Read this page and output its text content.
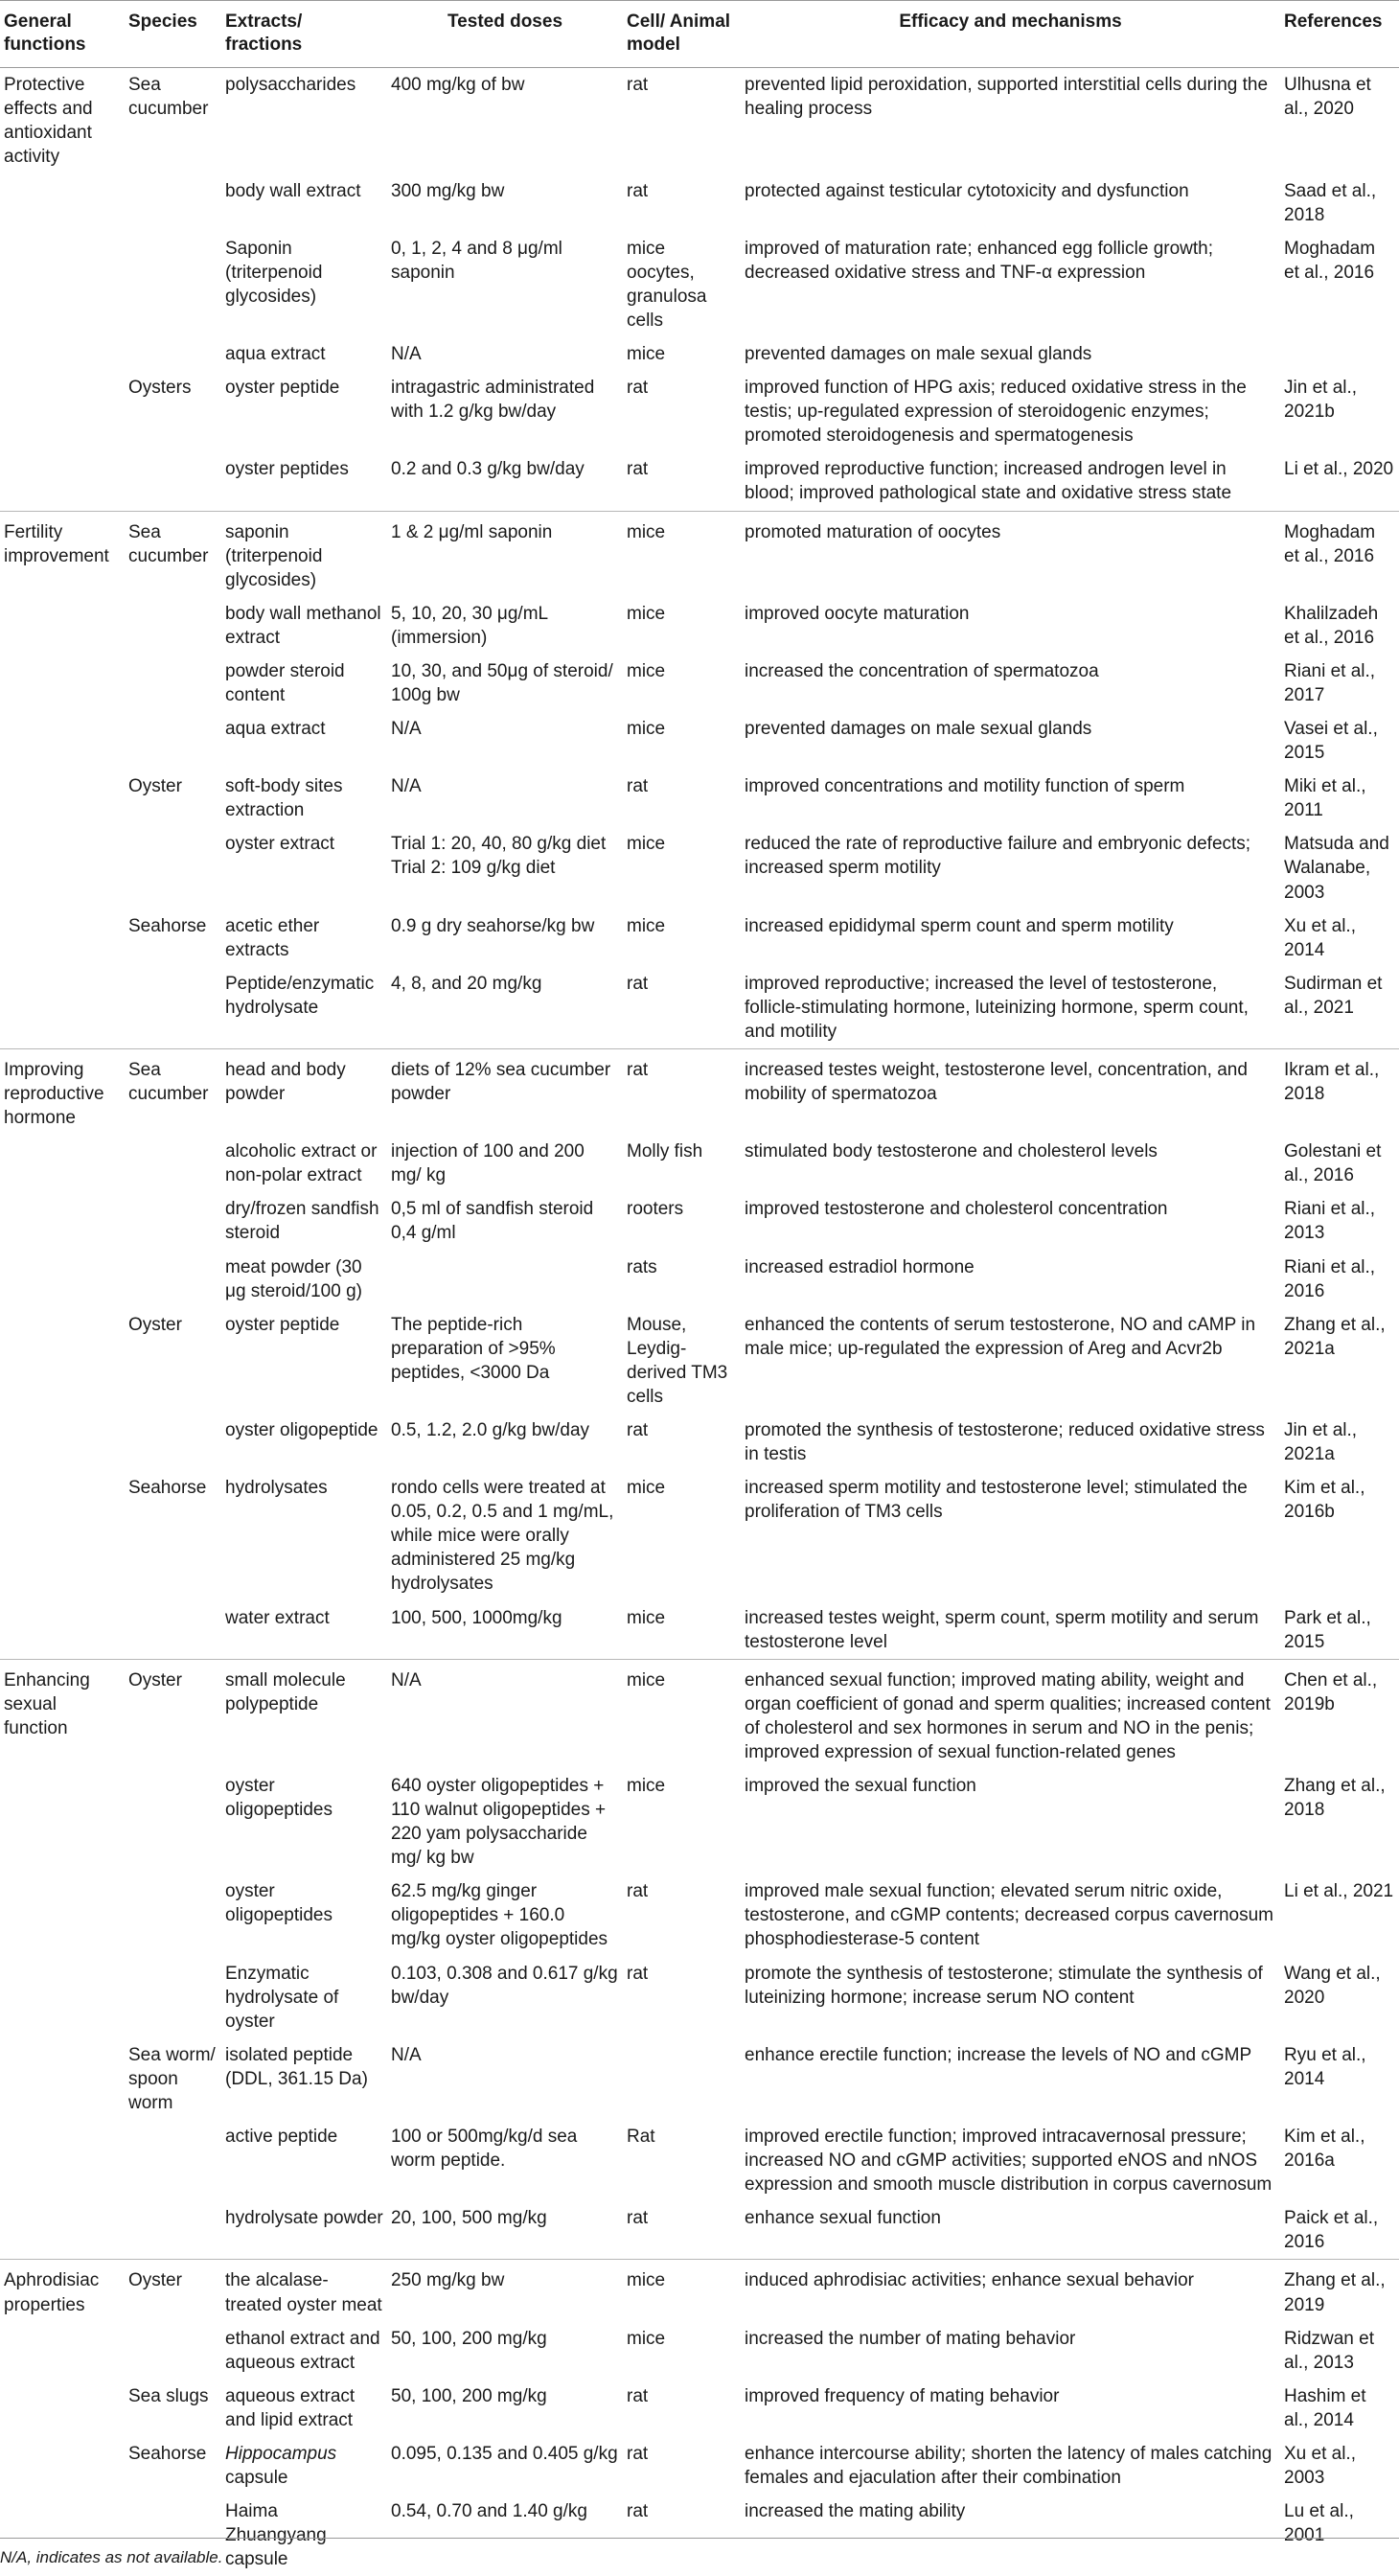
General functions	Species	Extracts/ fractions	Tested doses	Cell/ Animal model	Efficacy and mechanisms	References
Protective effects and antioxidant activity	Sea cucumber	polysaccharides	400 mg/kg of bw	rat	prevented lipid peroxidation, supported interstitial cells during the healing process	Ulhusna et al., 2020
		body wall extract	300 mg/kg bw	rat	protected against testicular cytotoxicity and dysfunction	Saad et al., 2018
		Saponin (triterpenoid glycosides)	0, 1, 2, 4 and 8 μg/ml saponin	mice oocytes, granulosa cells	improved of maturation rate; enhanced egg follicle growth; decreased oxidative stress and TNF-α expression	Moghadam et al., 2016
		aqua extract	N/A	mice	prevented damages on male sexual glands	
	Oysters	oyster peptide	intragastric administrated with 1.2 g/kg bw/day	rat	improved function of HPG axis; reduced oxidative stress in the testis; up-regulated expression of steroidogenic enzymes; promoted steroidogenesis and spermatogenesis	Jin et al., 2021b
		oyster peptides	0.2 and 0.3 g/kg bw/day	rat	improved reproductive function; increased androgen level in blood; improved pathological state and oxidative stress state	Li et al., 2020
Fertility improvement	Sea cucumber	saponin (triterpenoid glycosides)	1 & 2 μg/ml saponin	mice	promoted maturation of oocytes	Moghadam et al., 2016
		body wall methanol extract	5, 10, 20, 30 μg/mL (immersion)	mice	improved oocyte maturation	Khalilzadeh et al., 2016
		powder steroid content	10, 30, and 50μg of steroid/ 100g bw	mice	increased the concentration of spermatozoa	Riani et al., 2017
		aqua extract	N/A	mice	prevented damages on male sexual glands	Vasei et al., 2015
	Oyster	soft-body sites extraction	N/A	rat	improved concentrations and motility function of sperm	Miki et al., 2011
		oyster extract	Trial 1: 20, 40, 80 g/kg diet
Trial 2: 109 g/kg diet	mice	reduced the rate of reproductive failure and embryonic defects; increased sperm motility	Matsuda and Walanabe, 2003
	Seahorse	acetic ether extracts	0.9 g dry seahorse/kg bw	mice	increased epididymal sperm count and sperm motility	Xu et al., 2014
		Peptide/enzymatic hydrolysate	4, 8, and 20 mg/kg	rat	improved reproductive; increased the level of testosterone, follicle-stimulating hormone, luteinizing hormone, sperm count, and motility	Sudirman et al., 2021
Improving reproductive hormone	Sea cucumber	head and body powder	diets of 12% sea cucumber powder	rat	increased testes weight, testosterone level, concentration, and mobility of spermatozoa	Ikram et al., 2018
		alcoholic extract or non-polar extract	injection of 100 and 200 mg/ kg	Molly fish	stimulated body testosterone and cholesterol levels	Golestani et al., 2016
		dry/frozen sandfish steroid	0,5 ml of sandfish steroid 0,4 g/ml	rooters	improved testosterone and cholesterol concentration	Riani et al., 2013
		meat powder (30 μg steroid/100 g)		rats	increased estradiol hormone	Riani et al., 2016
	Oyster	oyster peptide	The peptide-rich preparation of >95% peptides, <3000 Da	Mouse, Leydig-derived TM3 cells	enhanced the contents of serum testosterone, NO and cAMP in male mice; up-regulated the expression of Areg and Acvr2b	Zhang et al., 2021a
		oyster oligopeptide	0.5, 1.2, 2.0 g/kg bw/day	rat	promoted the synthesis of testosterone; reduced oxidative stress in testis	Jin et al., 2021a
	Seahorse	hydrolysates	rondo cells were treated at 0.05, 0.2, 0.5 and 1 mg/mL, while mice were orally administered 25 mg/kg hydrolysates	mice	increased sperm motility and testosterone level; stimulated the proliferation of TM3 cells	Kim et al., 2016b
		water extract	100, 500, 1000mg/kg	mice	increased testes weight, sperm count, sperm motility and serum testosterone level	Park et al., 2015
Enhancing sexual function	Oyster	small molecule polypeptide	N/A	mice	enhanced sexual function; improved mating ability, weight and organ coefficient of gonad and sperm qualities; increased content of cholesterol and sex hormones in serum and NO in the penis; improved expression of sexual function-related genes	Chen et al., 2019b
		oyster oligopeptides	640 oyster oligopeptides + 110 walnut oligopeptides + 220 yam polysaccharide mg/ kg bw	mice	improved the sexual function	Zhang et al., 2018
		oyster oligopeptides	62.5 mg/kg ginger oligopeptides + 160.0 mg/kg oyster oligopeptides	rat	improved male sexual function; elevated serum nitric oxide, testosterone, and cGMP contents; decreased corpus cavernosum phosphodiesterase-5 content	Li et al., 2021
		Enzymatic hydrolysate of oyster	0.103, 0.308 and 0.617 g/kg bw/day	rat	promote the synthesis of testosterone; stimulate the synthesis of luteinizing hormone; increase serum NO content	Wang et al., 2020
	Sea worm/ spoon worm	isolated peptide (DDL, 361.15 Da)	N/A		enhance erectile function; increase the levels of NO and cGMP	Ryu et al., 2014
		active peptide	100 or 500mg/kg/d sea worm peptide.	Rat	improved erectile function; improved intracavernosal pressure; increased NO and cGMP activities; supported eNOS and nNOS expression and smooth muscle distribution in corpus cavernosum	Kim et al., 2016a
		hydrolysate powder	20, 100, 500 mg/kg	rat	enhance sexual function	Paick et al., 2016
Aphrodisiac properties	Oyster	the alcalase-treated oyster meat	250 mg/kg bw	mice	induced aphrodisiac activities; enhance sexual behavior	Zhang et al., 2019
		ethanol extract and aqueous extract	50, 100, 200 mg/kg	mice	increased the number of mating behavior	Ridzwan et al., 2013
	Sea slugs	aqueous extract and lipid extract	50, 100, 200 mg/kg	rat	improved frequency of mating behavior	Hashim et al., 2014
	Seahorse	Hippocampus capsule	0.095, 0.135 and 0.405 g/kg	rat	enhance intercourse ability; shorten the latency of males catching females and ejaculation after their combination	Xu et al., 2003
		Haima Zhuangyang capsule	0.54, 0.70 and 1.40 g/kg	rat	increased the mating ability	Lu et al., 2001
N/A, indicates as not available.
